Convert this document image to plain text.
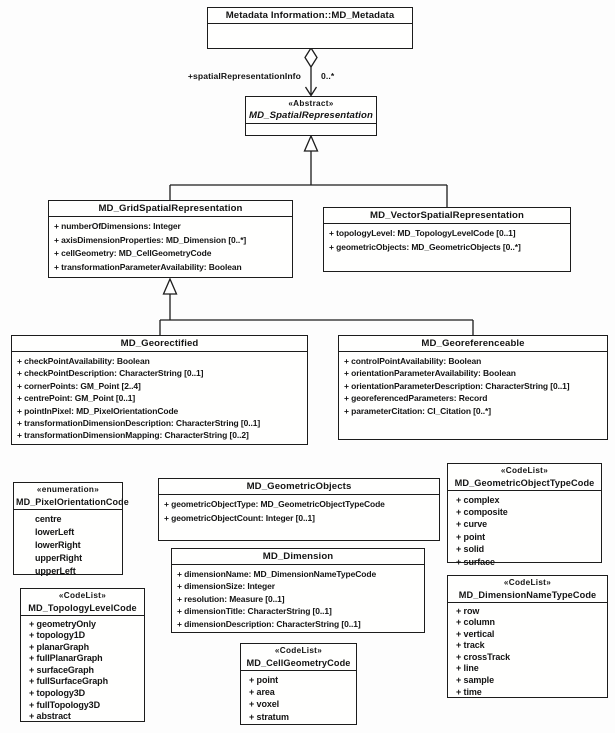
+spatialRepresentationInfo 0..*
Metadata Information::MD_Metadata
«Abstract»
MD_SpatialRepresentation
MD_GridSpatialRepresentation
+ numberOfDimensions: Integer
+ axisDimensionProperties: MD_Dimension [0..*]
+ cellGeometry: MD_CellGeometryCode
+ transformationParameterAvailability: Boolean
MD_VectorSpatialRepresentation
+ topologyLevel: MD_TopologyLevelCode [0..1]
+ geometricObjects: MD_GeometricObjects [0..*]
MD_Georectified
+ checkPointAvailability: Boolean
+ checkPointDescription: CharacterString [0..1]
+ cornerPoints: GM_Point [2..4]
+ centrePoint: GM_Point [0..1]
+ pointInPixel: MD_PixelOrientationCode
+ transformationDimensionDescription: CharacterString [0..1]
+ transformationDimensionMapping: CharacterString [0..2]
MD_Georeferenceable
+ controlPointAvailability: Boolean
+ orientationParameterAvailability: Boolean
+ orientationParameterDescription: CharacterString [0..1]
+ georeferencedParameters: Record
+ parameterCitation: CI_Citation [0..*]
«enumeration»
MD_PixelOrientationCode
centre
lowerLeft
lowerRight
upperRight
upperLeft
MD_GeometricObjects
+ geometricObjectType: MD_GeometricObjectTypeCode
+ geometricObjectCount: Integer [0..1]
«CodeList»
MD_GeometricObjectTypeCode
+ complex
+ composite
+ curve
+ point
+ solid
+ surface
MD_Dimension
+ dimensionName: MD_DimensionNameTypeCode
+ dimensionSize: Integer
+ resolution: Measure [0..1]
+ dimensionTitle: CharacterString [0..1]
+ dimensionDescription: CharacterString [0..1]
«CodeList»
MD_TopologyLevelCode
+ geometryOnly
+ topology1D
+ planarGraph
+ fullPlanarGraph
+ surfaceGraph
+ fullSurfaceGraph
+ topology3D
+ fullTopology3D
+ abstract
«CodeList»
MD_CellGeometryCode
+ point
+ area
+ voxel
+ stratum
«CodeList»
MD_DimensionNameTypeCode
+ row
+ column
+ vertical
+ track
+ crossTrack
+ line
+ sample
+ time
